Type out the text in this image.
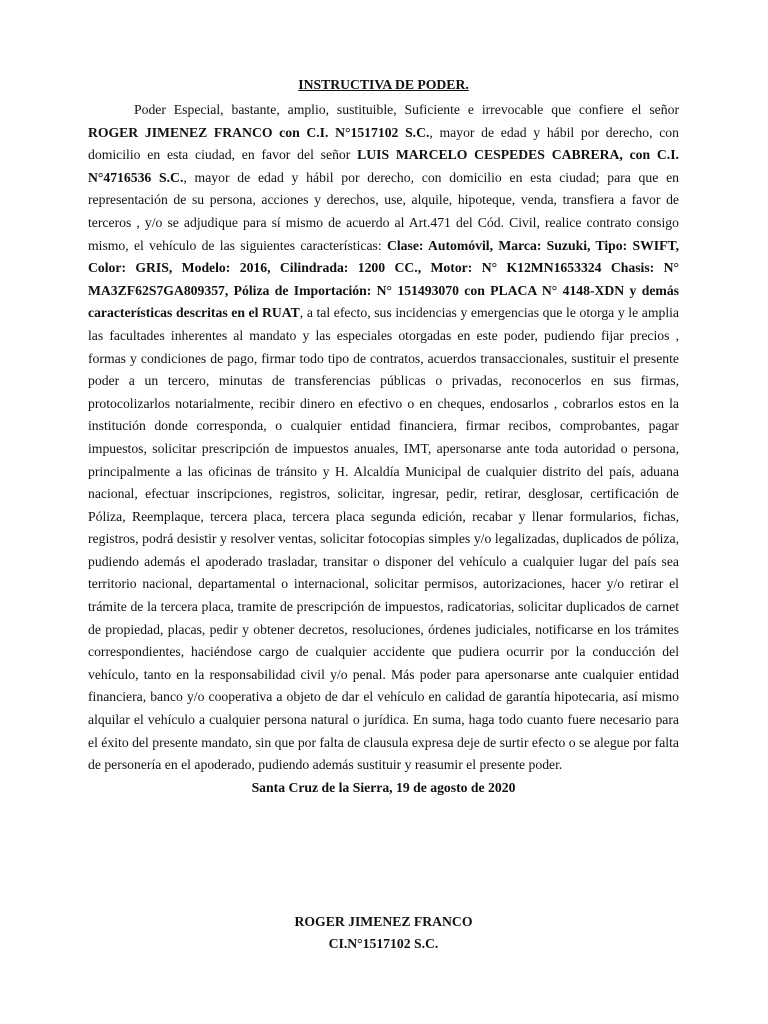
INSTRUCTIVA DE PODER.

Poder Especial, bastante, amplio, sustituible, Suficiente e irrevocable que confiere el señor ROGER JIMENEZ FRANCO con C.I. N°1517102 S.C., mayor de edad y hábil por derecho, con domicilio en esta ciudad, en favor del señor LUIS MARCELO CESPEDES CABRERA, con C.I. N°4716536 S.C., mayor de edad y hábil por derecho, con domicilio en esta ciudad; para que en representación de su persona, acciones y derechos, use, alquile, hipoteque, venda, transfiera a favor de terceros , y/o se adjudique para sí mismo de acuerdo al Art.471 del Cód. Civil, realice contrato consigo mismo, el vehículo de las siguientes características: Clase: Automóvil, Marca: Suzuki, Tipo: SWIFT, Color: GRIS, Modelo: 2016, Cilindrada: 1200 CC., Motor: N° K12MN1653324 Chasis: N° MA3ZF62S7GA809357, Póliza de Importación: N° 151493070 con PLACA N° 4148-XDN y demás características descritas en el RUAT, a tal efecto, sus incidencias y emergencias que le otorga y le amplia las facultades inherentes al mandato y las especiales otorgadas en este poder, pudiendo fijar precios , formas y condiciones de pago, firmar todo tipo de contratos, acuerdos transaccionales, sustituir el presente poder a un tercero, minutas de transferencias públicas o privadas, reconocerlos en sus firmas, protocolizarlos notarialmente, recibir dinero en efectivo o en cheques, endosarlos , cobrarlos estos en la institución donde corresponda, o cualquier entidad financiera, firmar recibos, comprobantes, pagar impuestos, solicitar prescripción de impuestos anuales, IMT, apersonarse ante toda autoridad o persona, principalmente a las oficinas de tránsito y H. Alcaldía Municipal de cualquier distrito del país, aduana nacional, efectuar inscripciones, registros, solicitar, ingresar, pedir, retirar, desglosar, certificación de Póliza, Reemplaque, tercera placa, tercera placa segunda edición, recabar y llenar formularios, fichas, registros, podrá desistir y resolver ventas, solicitar fotocopias simples y/o legalizadas, duplicados de póliza, pudiendo además el apoderado trasladar, transitar o disponer del vehículo a cualquier lugar del país sea territorio nacional, departamental o internacional, solicitar permisos, autorizaciones, hacer y/o retirar el trámite de la tercera placa, tramite de prescripción de impuestos, radicatorias, solicitar duplicados de carnet de propiedad, placas, pedir y obtener decretos, resoluciones, órdenes judiciales, notificarse en los trámites correspondientes, haciéndose cargo de cualquier accidente que pudiera ocurrir por la conducción del vehículo, tanto en la responsabilidad civil y/o penal. Más poder para apersonarse ante cualquier entidad financiera, banco y/o cooperativa a objeto de dar el vehículo en calidad de garantía hipotecaria, así mismo alquilar el vehículo a cualquier persona natural o jurídica. En suma, haga todo cuanto fuere necesario para el éxito del presente mandato, sin que por falta de clausula expresa deje de surtir efecto o se alegue por falta de personería en el apoderado, pudiendo además sustituir y reasumir el presente poder.

Santa Cruz de la Sierra, 19 de agosto de 2020

ROGER JIMENEZ FRANCO
CI.N°1517102 S.C.
